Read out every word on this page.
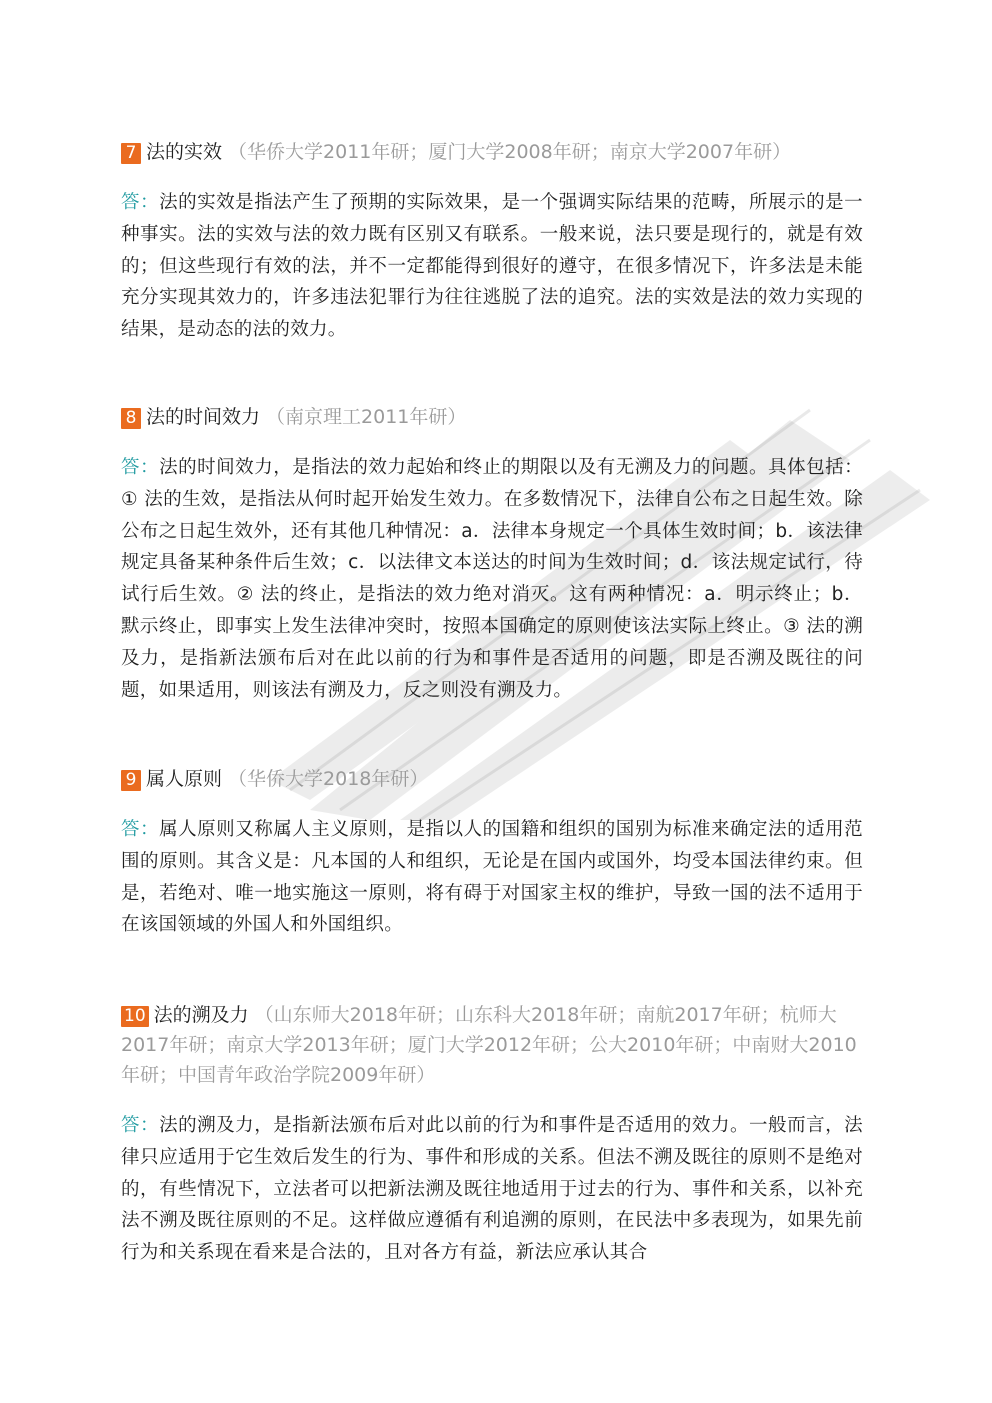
7 法的实效 （华侨大学2011年研；厦门大学2008年研；南京大学2007年研）
答：法的实效是指法产生了预期的实际效果，是一个强调实际结果的范畴，所展示的是一种事实。法的实效与法的效力既有区别又有联系。一般来说，法只要是现行的，就是有效的；但这些现行有效的法，并不一定都能得到很好的遵守，在很多情况下，许多法是未能充分实现其效力的，许多违法犯罪行为往往逃脱了法的追究。法的实效是法的效力实现的结果，是动态的法的效力。
8 法的时间效力 （南京理工2011年研）
答：法的时间效力，是指法的效力起始和终止的期限以及有无溯及力的问题。具体包括：① 法的生效，是指法从何时起开始发生效力。在多数情况下，法律自公布之日起生效。除公布之日起生效外，还有其他几种情况：a．法律本身规定一个具体生效时间；b．该法律规定具备某种条件后生效；c．以法律文本送达的时间为生效时间；d．该法规定试行，待试行后生效。② 法的终止，是指法的效力绝对消灭。这有两种情况：a．明示终止；b．默示终止，即事实上发生法律冲突时，按照本国确定的原则使该法实际上终止。③ 法的溯及力，是指新法颁布后对在此以前的行为和事件是否适用的问题，即是否溯及既往的问题，如果适用，则该法有溯及力，反之则没有溯及力。
9 属人原则 （华侨大学2018年研）
答：属人原则又称属人主义原则，是指以人的国籍和组织的国别为标准来确定法的适用范围的原则。其含义是：凡本国的人和组织，无论是在国内或国外，均受本国法律约束。但是，若绝对、唯一地实施这一原则，将有碍于对国家主权的维护，导致一国的法不适用于在该国领域的外国人和外国组织。
10 法的溯及力 （山东师大2018年研；山东科大2018年研；南航2017年研；杭师大2017年研；南京大学2013年研；厦门大学2012年研；公大2010年研；中南财大2010年研；中国青年政治学院2009年研）
答：法的溯及力，是指新法颁布后对此以前的行为和事件是否适用的效力。一般而言，法律只应适用于它生效后发生的行为、事件和形成的关系。但法不溯及既往的原则不是绝对的，有些情况下，立法者可以把新法溯及既往地适用于过去的行为、事件和关系，以补充法不溯及既往原则的不足。这样做应遵循有利追溯的原则，在民法中多表现为，如果先前行为和关系现在看来是合法的，且对各方有益，新法应承认其合
